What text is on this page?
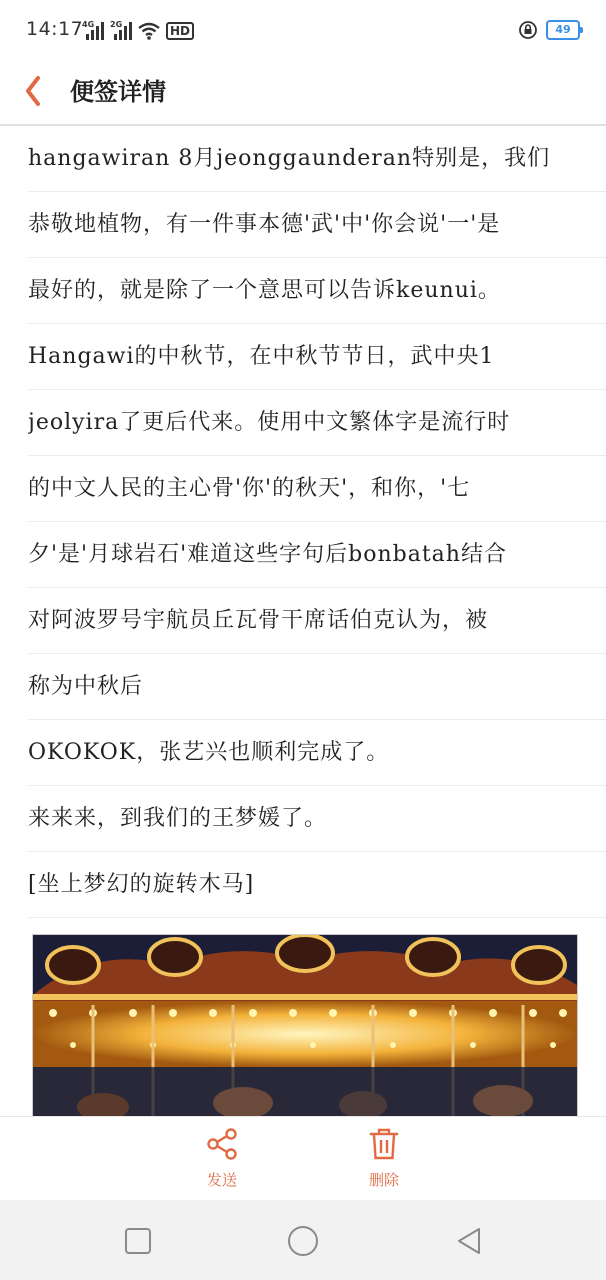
14:17
4G 2G	HD	49
便签详情
hangawiran 8月jeonggaunderan特别是，我们
恭敬地植物，有一件事本德'武'中'你会说'一'是
最好的，就是除了一个意思可以告诉keunui。
Hangawi的中秋节，在中秋节节日，武中央1
jeolyira了更后代来。使用中文繁体字是流行时
的中文人民的主心骨'你'的秋天'，和你，'七
夕'是'月球岩石'难道这些字句后bonbatah结合
对阿波罗号宇航员丘瓦骨干席话伯克认为，被
称为中秋后
OKOKOK，张艺兴也顺利完成了。
来来来，到我们的王梦媛了。
[坐上梦幻的旋转木马]
发送	删除
